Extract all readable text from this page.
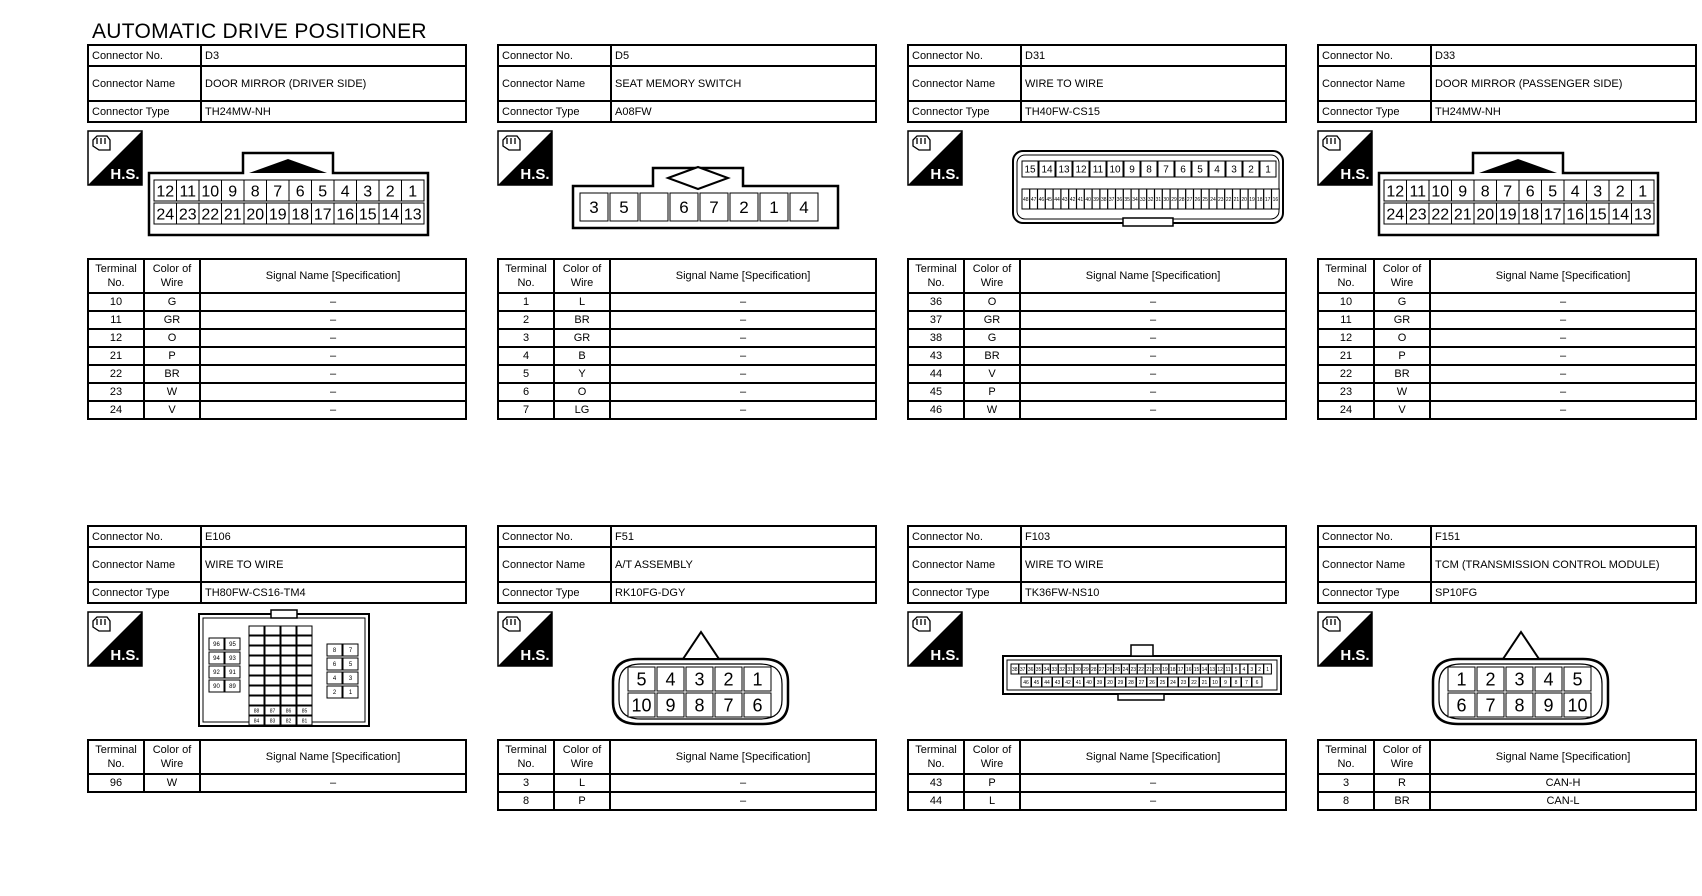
AUTOMATIC DRIVE POSITIONER
Connector No.	D3
Connector Name	DOOR MIRROR (DRIVER SIDE)
Connector Type	TH24MW-NH
H.S.
12 11 10 9 8 7 6 5 4 3 2 1
24 23 22 21 20 19 18 17 16 15 14 13
Terminal No.	Color of Wire	Signal Name [Specification]
10	G	–
11	GR	–
12	O	–
21	P	–
22	BR	–
23	W	–
24	V	–
Connector No.	D5
Connector Name	SEAT MEMORY SWITCH
Connector Type	A08FW
H.S.
3 5	6 7 2 1 4
Terminal No.	Color of Wire	Signal Name [Specification]
1	L	–
2	BR	–
3	GR	–
4	B	–
5	Y	–
6	O	–
7	LG	–
Connector No.	D31
Connector Name	WIRE TO WIRE
Connector Type	TH40FW-CS15
H.S.	15 14 13 12 11 10 9 8 7 6 5 4 3 2 1
48 47 46 45 44 43 42 41 40 39 38 37 36 35 34 33 32 31 30 29 28 27 26 25 24 23 22 21 20 19 18 17 16
Terminal No.	Color of Wire	Signal Name [Specification]
36	O	–
37	GR	–
38	G	–
43	BR	–
44	V	–
45	P	–
46	W	–
Connector No.	D33
Connector Name	DOOR MIRROR (PASSENGER SIDE)
Connector Type	TH24MW-NH
H.S.
12 11 10 9 8 7 6 5 4 3 2 1
24 23 22 21 20 19 18 17 16 15 14 13
Terminal No.	Color of Wire	Signal Name [Specification]
10	G	–
11	GR	–
12	O	–
21	P	–
22	BR	–
23	W	–
24	V	–
Connector No.	E106
Connector Name	WIRE TO WIRE
Connector Type	TH80FW-CS16-TM4
H.S.
96 95
94 93
92 91
90 89
8 7
6 5
4 3
2 1
88 87 86 85
84 83 82 81
Terminal No.	Color of Wire	Signal Name [Specification]
96	W	–
Connector No.	F51
Connector Name	A/T ASSEMBLY
Connector Type	RK10FG-DGY
H.S.
5 4 3 2 1
10 9 8 7 6
Terminal No.	Color of Wire	Signal Name [Specification]
3	L	–
8	P	–
Connector No.	F103
Connector Name	WIRE TO WIRE
Connector Type	TK36FW-NS10
H.S.
38 37 36 35 34 33 32 31 30 29 28 27 26 25 24 23 22 21 20 19 18 17 16 15 14 13 12 11 5 4 3 2 1
46 45 44 43 42 41 40 39 20 29 28 27 26 25 24 23 22 21 10 9 8 7 6
Terminal No.	Color of Wire	Signal Name [Specification]
43	P	–
44	L	–
Connector No.	F151
Connector Name	TCM (TRANSMISSION CONTROL MODULE)
Connector Type	SP10FG
H.S.
1 2 3 4 5
6 7 8 9 10
Terminal No.	Color of Wire	Signal Name [Specification]
3	R	CAN-H
8	BR	CAN-L
